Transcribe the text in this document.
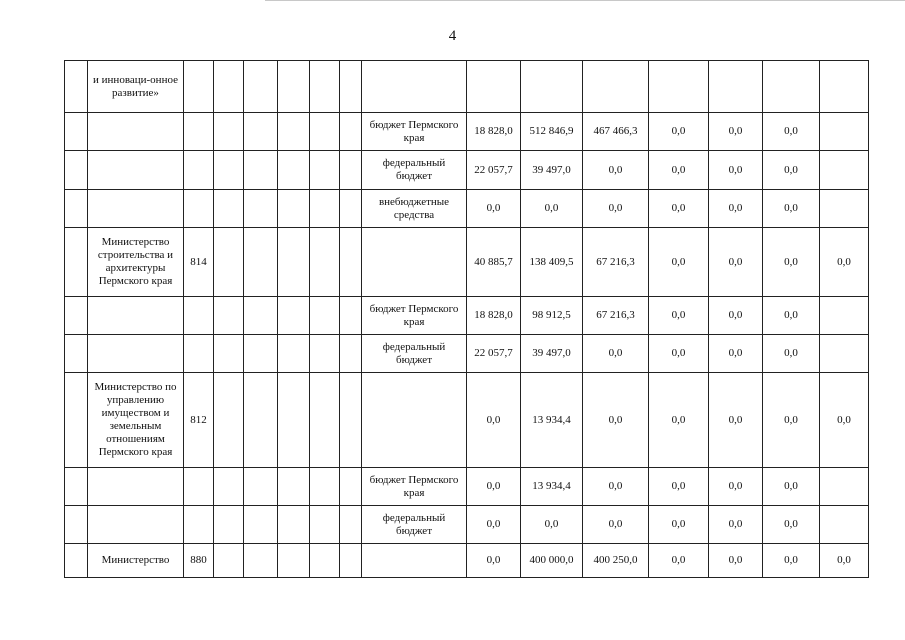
4
	и инноваци-онное развитие»														
								бюджет Пермского края	18 828,0	512 846,9	467 466,3	0,0	0,0	0,0	
								федеральный бюджет	22 057,7	39 497,0	0,0	0,0	0,0	0,0	
								внебюджетные средства	0,0	0,0	0,0	0,0	0,0	0,0	
	Министерство строительства и архитектуры Пермского края	814							40 885,7	138 409,5	67 216,3	0,0	0,0	0,0	0,0
								бюджет Пермского края	18 828,0	98 912,5	67 216,3	0,0	0,0	0,0	
								федеральный бюджет	22 057,7	39 497,0	0,0	0,0	0,0	0,0	
	Министерство по управлению имуществом и земельным отношениям Пермского края	812							0,0	13 934,4	0,0	0,0	0,0	0,0	0,0
								бюджет Пермского края	0,0	13 934,4	0,0	0,0	0,0	0,0	
								федеральный бюджет	0,0	0,0	0,0	0,0	0,0	0,0	
	Министерство	880							0,0	400 000,0	400 250,0	0,0	0,0	0,0	0,0
